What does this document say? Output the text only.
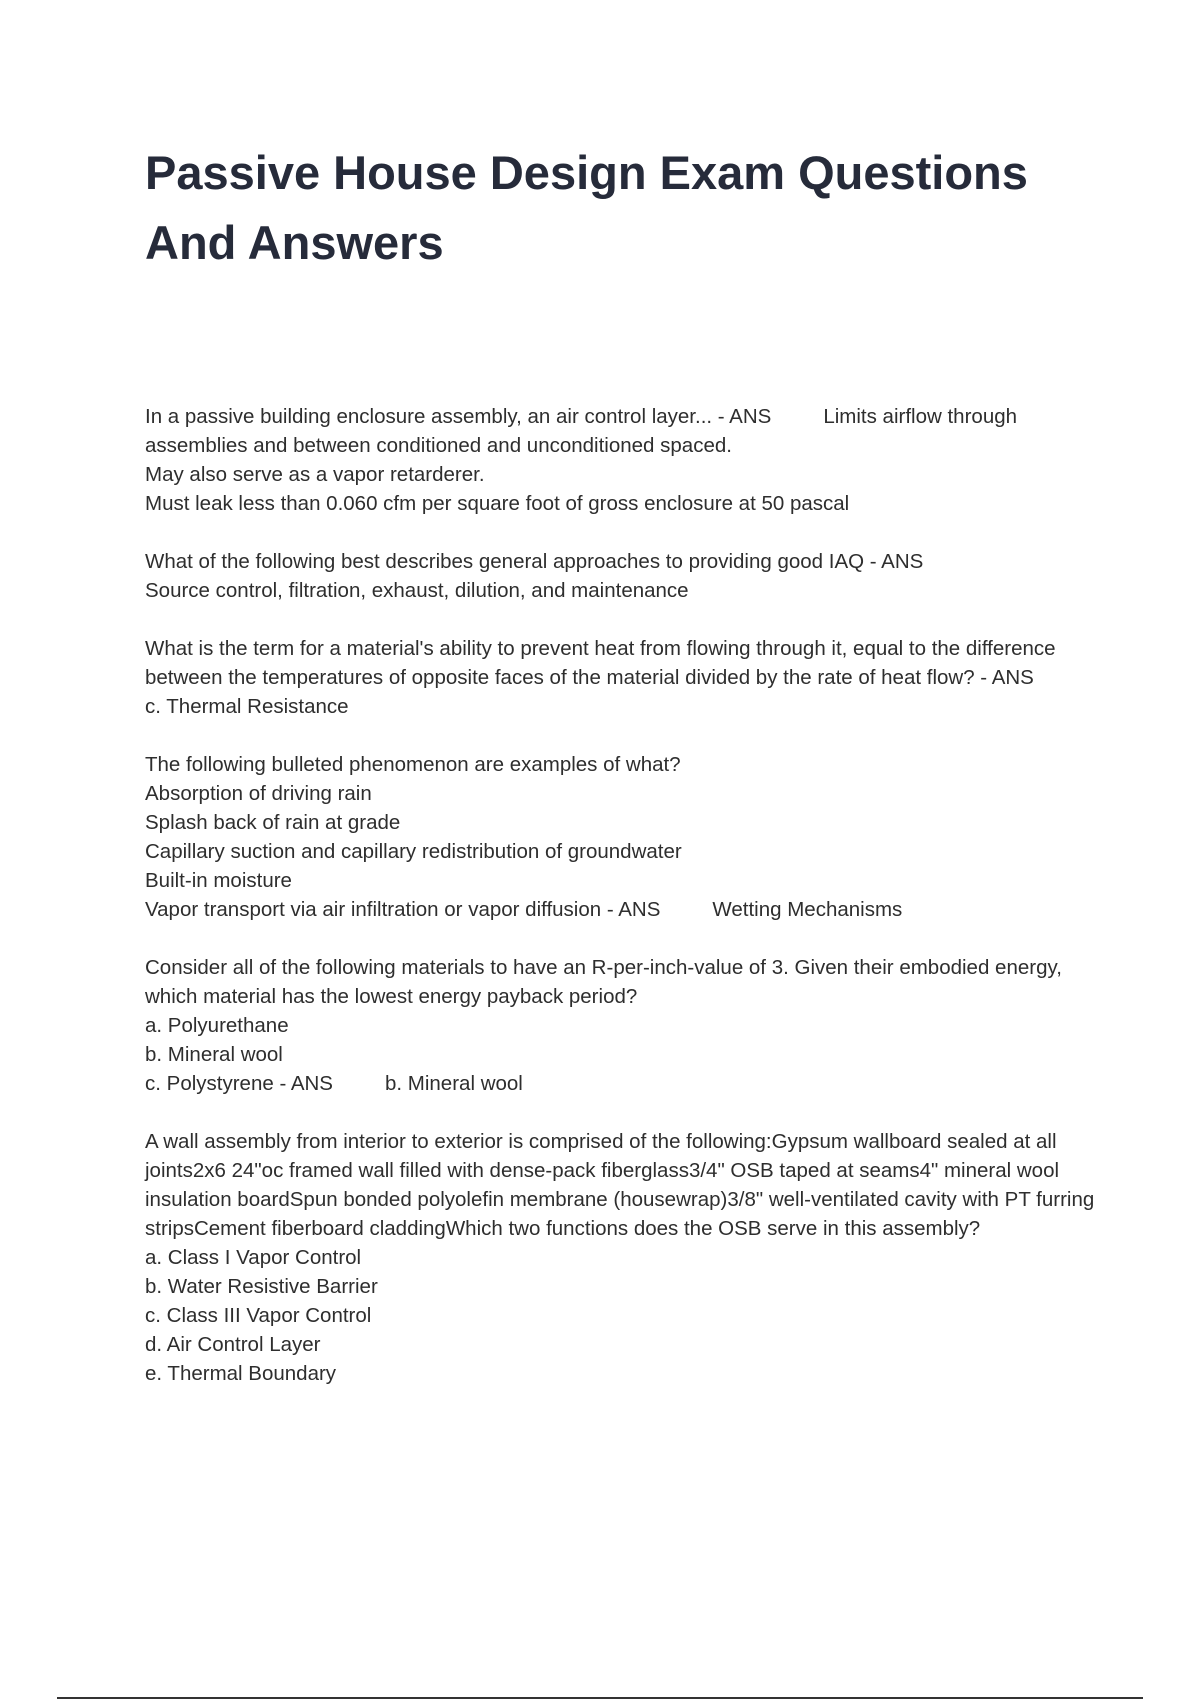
Passive House Design Exam Questions And Answers
In a passive building enclosure assembly, an air control layer... - ANS	Limits airflow through assemblies and between conditioned and unconditioned spaced.
May also serve as a vapor retarderer.
Must leak less than 0.060 cfm per square foot of gross enclosure at 50 pascal
What of the following best describes general approaches to providing good IAQ - ANS
Source control, filtration, exhaust, dilution, and maintenance
What is the term for a material's ability to prevent heat from flowing through it, equal to the difference between the temperatures of opposite faces of the material divided by the rate of heat flow? - ANSc. Thermal Resistance
The following bulleted phenomenon are examples of what?
Absorption of driving rain
Splash back of rain at grade
Capillary suction and capillary redistribution of groundwater
Built-in moisture
Vapor transport via air infiltration or vapor diffusion - ANS	Wetting Mechanisms
Consider all of the following materials to have an R-per-inch-value of 3. Given their embodied energy, which material has the lowest energy payback period?
a. Polyurethane
b. Mineral wool
c. Polystyrene - ANS	b. Mineral wool
A wall assembly from interior to exterior is comprised of the following:Gypsum wallboard sealed at all joints2x6 24"oc framed wall filled with dense-pack fiberglass3/4" OSB taped at seams4" mineral wool insulation boardSpun bonded polyolefin membrane (housewrap)3/8" well-ventilated cavity with PT furring stripsCement fiberboard claddingWhich two functions does the OSB serve in this assembly?
a. Class I Vapor Control
b. Water Resistive Barrier
c. Class III Vapor Control
d. Air Control Layer
e. Thermal Boundary
